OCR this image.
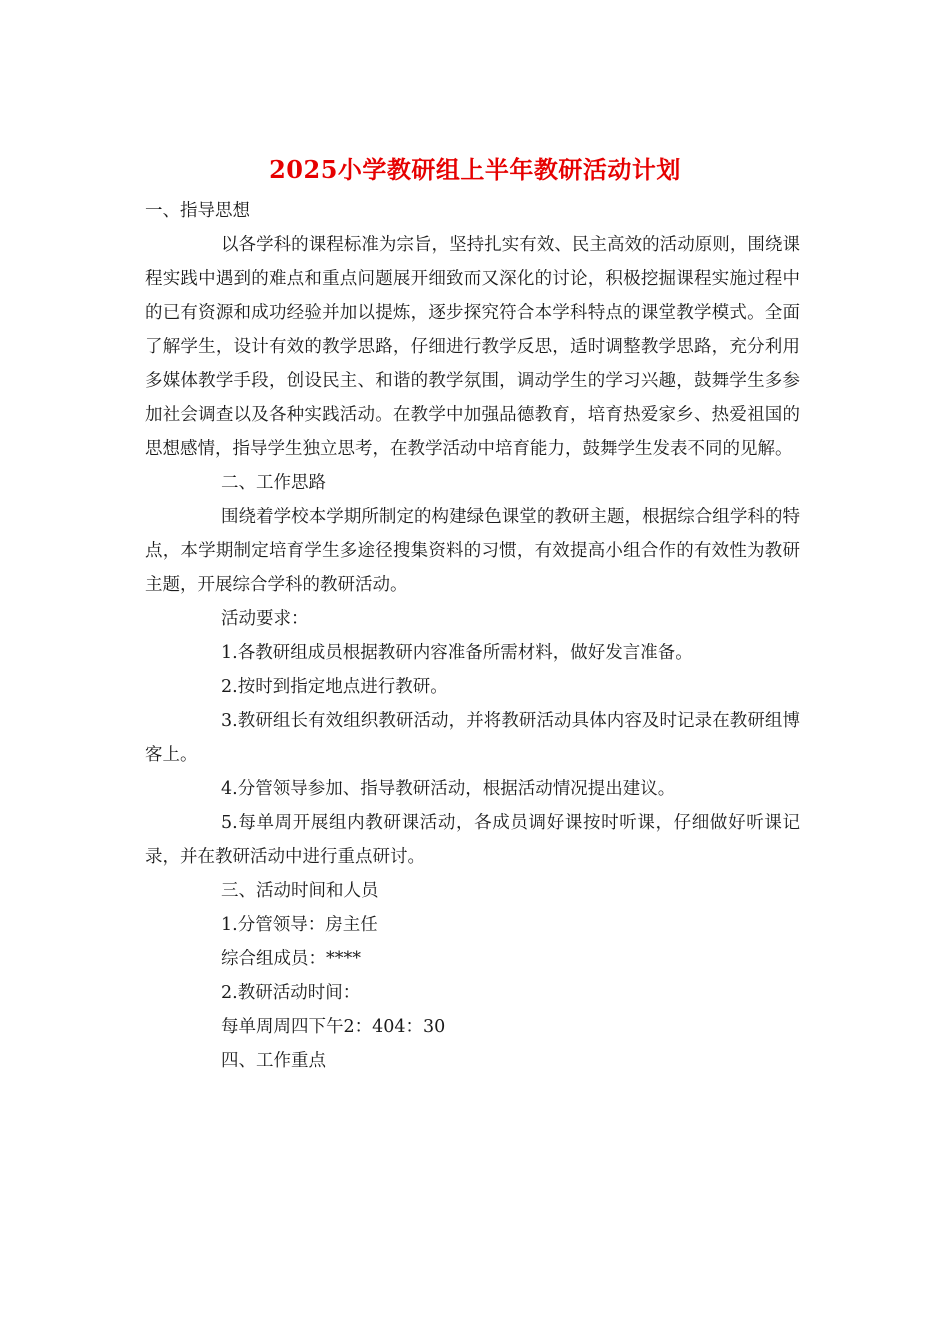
2025小学教研组上半年教研活动计划

一、指导思想

以各学科的课程标准为宗旨，坚持扎实有效、民主高效的活动原则，围绕课程实践中遇到的难点和重点问题展开细致而又深化的讨论，积极挖掘课程实施过程中的已有资源和成功经验并加以提炼，逐步探究符合本学科特点的课堂教学模式。全面了解学生，设计有效的教学思路，仔细进行教学反思，适时调整教学思路，充分利用多媒体教学手段，创设民主、和谐的教学氛围，调动学生的学习兴趣，鼓舞学生多参加社会调查以及各种实践活动。在教学中加强品德教育，培育热爱家乡、热爱祖国的思想感情，指导学生独立思考，在教学活动中培育能力，鼓舞学生发表不同的见解。

二、工作思路

围绕着学校本学期所制定的构建绿色课堂的教研主题，根据综合组学科的特点，本学期制定培育学生多途径搜集资料的习惯，有效提高小组合作的有效性为教研主题，开展综合学科的教研活动。

活动要求：

1.各教研组成员根据教研内容准备所需材料，做好发言准备。

2.按时到指定地点进行教研。

3.教研组长有效组织教研活动，并将教研活动具体内容及时记录在教研组博客上。

4.分管领导参加、指导教研活动，根据活动情况提出建议。

5.每单周开展组内教研课活动，各成员调好课按时听课，仔细做好听课记录，并在教研活动中进行重点研讨。

三、活动时间和人员

1.分管领导：房主任

综合组成员：****

2.教研活动时间：

每单周周四下午2：404：30

四、工作重点
